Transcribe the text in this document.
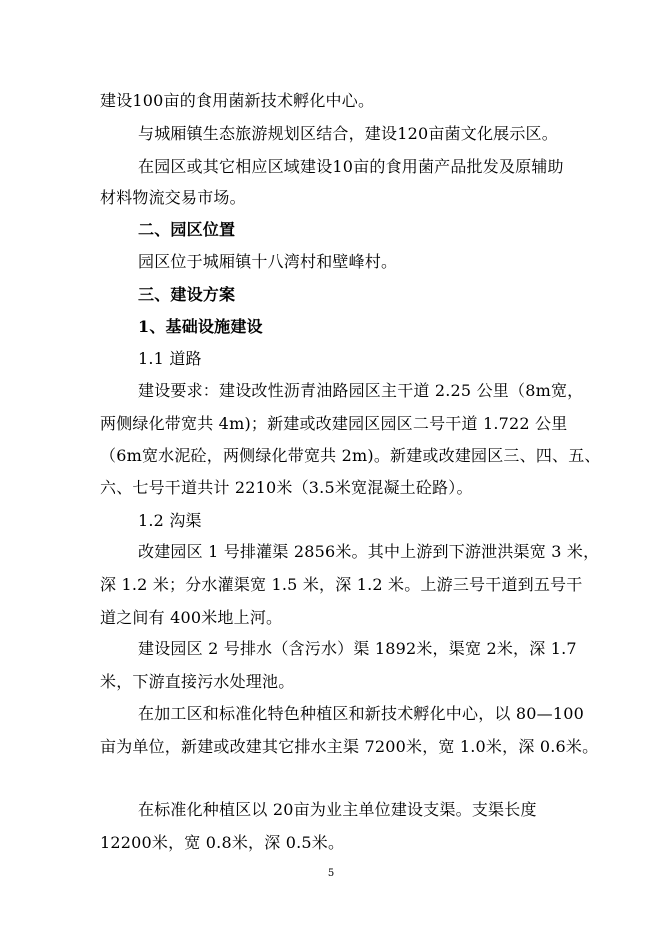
建设100亩的食用菌新技术孵化中心。
与城厢镇生态旅游规划区结合，建设120亩菌文化展示区。
在园区或其它相应区域建设10亩的食用菌产品批发及原辅助
材料物流交易市场。
二、园区位置
园区位于城厢镇十八湾村和壁峰村。
三、建设方案
1、基础设施建设
1.1 道路
建设要求：建设改性沥青油路园区主干道 2.25 公里（8m宽，
两侧绿化带宽共 4m)；新建或改建园区园区二号干道 1.722 公里
（6m宽水泥砼，两侧绿化带宽共 2m)。新建或改建园区三、四、五、
六、七号干道共计 2210米（3.5米宽混凝土砼路）。
1.2 沟渠
改建园区 1 号排灌渠 2856米。其中上游到下游泄洪渠宽 3 米，
深 1.2 米；分水灌渠宽 1.5 米，深 1.2 米。上游三号干道到五号干
道之间有 400米地上河。
建设园区 2 号排水（含污水）渠 1892米，渠宽 2米，深 1.7
米，下游直接污水处理池。
在加工区和标准化特色种植区和新技术孵化中心，以 80—100
亩为单位，新建或改建其它排水主渠 7200米，宽 1.0米，深 0.6米。
在标准化种植区以 20亩为业主单位建设支渠。支渠长度
12200米，宽 0.8米，深 0.5米。
5
